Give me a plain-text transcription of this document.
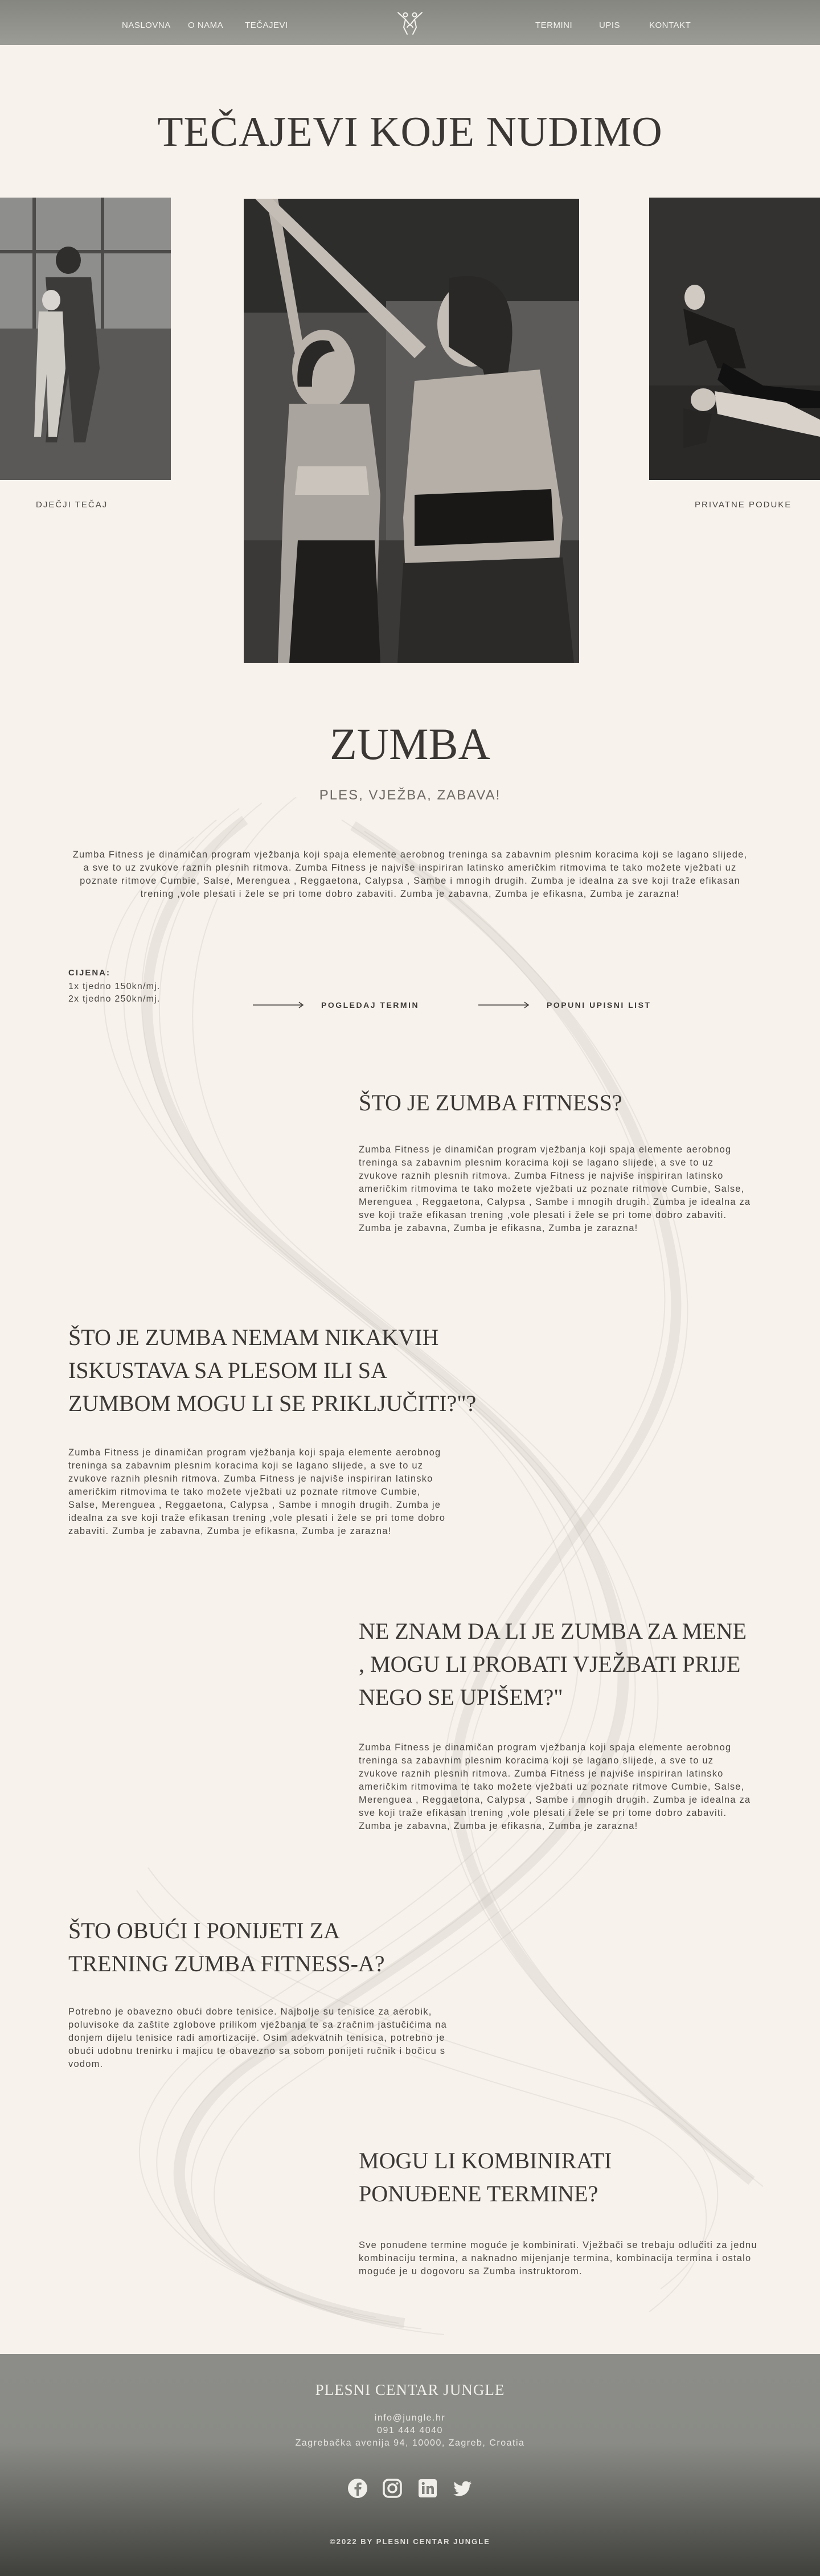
NASLOVNA O NAMA	TEČAJEVI	TERMINI	UPIS	KONTAKT
TEČAJEVI KOJE NUDIMO
DJEČJI TEČAJ	PRIVATNE PODUKE
ZUMBA
PLES, VJEŽBA, ZABAVA!

Zumba Fitness je dinamičan program vježbanja koji spaja elemente aerobnog treninga sa zabavnim plesnim koracima koji se lagano slijede, a sve to uz zvukove raznih plesnih ritmova. Zumba Fitness je najviše inspiriran latinsko američkim ritmovima te tako možete vježbati uz poznate ritmove Cumbie, Salse, Merenguea , Reggaetona, Calypsa , Sambe i mnogih drugih. Zumba je idealna za sve koji traže efikasan trening ,vole plesati i žele se pri tome dobro zabaviti. Zumba je zabavna, Zumba je efikasna, Zumba je zarazna!

CIJENA:
1x tjedno 150kn/mj.
2x tjedno 250kn/mj.
POGLEDAJ TERMIN	POPUNI UPISNI LIST
ŠTO JE ZUMBA FITNESS?

Zumba Fitness je dinamičan program vježbanja koji spaja elemente aerobnog treninga sa zabavnim plesnim koracima koji se lagano slijede, a sve to uz zvukove raznih plesnih ritmova. Zumba Fitness je najviše inspiriran latinsko američkim ritmovima te tako možete vježbati uz poznate ritmove Cumbie, Salse, Merenguea , Reggaetona, Calypsa , Sambe i mnogih drugih. Zumba je idealna za sve koji traže efikasan trening ,vole plesati i žele se pri tome dobro zabaviti. Zumba je zabavna, Zumba je efikasna, Zumba je zarazna!

ŠTO JE ZUMBA NEMAM NIKAKVIH ISKUSTAVA SA PLESOM ILI SA ZUMBOM MOGU LI SE PRIKLJUČITI?"?

Zumba Fitness je dinamičan program vježbanja koji spaja elemente aerobnog treninga sa zabavnim plesnim koracima koji se lagano slijede, a sve to uz zvukove raznih plesnih ritmova. Zumba Fitness je najviše inspiriran latinsko američkim ritmovima te tako možete vježbati uz poznate ritmove Cumbie, Salse, Merenguea , Reggaetona, Calypsa , Sambe i mnogih drugih. Zumba je idealna za sve koji traže efikasan trening ,vole plesati i žele se pri tome dobro zabaviti. Zumba je zabavna, Zumba je efikasna, Zumba je zarazna!

NE ZNAM DA LI JE ZUMBA ZA MENE , MOGU LI PROBATI VJEŽBATI PRIJE NEGO SE UPIŠEM?"

Zumba Fitness je dinamičan program vježbanja koji spaja elemente aerobnog treninga sa zabavnim plesnim koracima koji se lagano slijede, a sve to uz zvukove raznih plesnih ritmova. Zumba Fitness je najviše inspiriran latinsko američkim ritmovima te tako možete vježbati uz poznate ritmove Cumbie, Salse, Merenguea , Reggaetona, Calypsa , Sambe i mnogih drugih. Zumba je idealna za sve koji traže efikasan trening ,vole plesati i žele se pri tome dobro zabaviti. Zumba je zabavna, Zumba je efikasna, Zumba je zarazna!

ŠTO OBUĆI I PONIJETI ZA TRENING ZUMBA FITNESS-A?

Potrebno je obavezno obući dobre tenisice. Najbolje su tenisice za aerobik, poluvisoke da zaštite zglobove prilikom vježbanja te sa zračnim jastučićima na donjem dijelu tenisice radi amortizacije. Osim adekvatnih tenisica, potrebno je obući udobnu trenirku i majicu te obavezno sa sobom ponijeti ručnik i bočicu s vodom.

MOGU LI KOMBINIRATI PONUĐENE TERMINE?

Sve ponuđene termine moguće je kombinirati. Vježbači se trebaju odlučiti za jednu kombinaciju termina, a naknadno mijenjanje termina, kombinacija termina i ostalo moguće je u dogovoru sa Zumba instruktorom.

PLESNI CENTAR JUNGLE
info@jungle.hr
091 444 4040
Zagrebačka avenija 94, 10000, Zagreb, Croatia
©2022 BY PLESNI CENTAR JUNGLE
